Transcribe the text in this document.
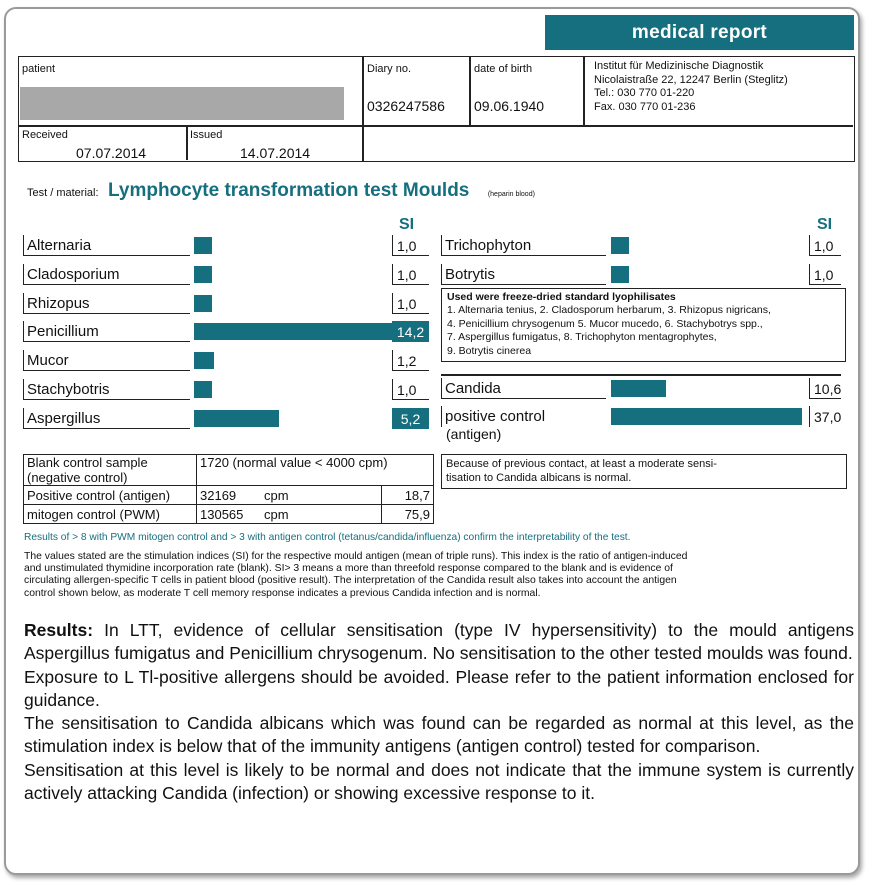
medical report
patient	Diary no.
0326247586
date of birth
09.06.1940
Institut für Medizinische Diagnostik
Nicolaistraße 22, 12247 Berlin (Steglitz)
Tel.: 030 770 01-220
Fax. 030 770 01-236
Received
07.07.2014
Issued
14.07.2014
Test / material: Lymphocyte transformation test Moulds	(heparin blood)
SI	SI
Alternaria	1,0
Cladosporium	1,0
Rhizopus	1,0
Penicillium	14,2
Mucor	1,2
Stachybotris	1,0
Aspergillus	5,2
Trichophyton	1,0
Botrytis	1,0
Used were freeze-dried standard lyophilisates
1. Alternaria tenius, 2. Cladosporum herbarum, 3. Rhizopus nigricans,
4. Penicillium chrysogenum 5. Mucor mucedo, 6. Stachybotrys spp.,
7. Aspergillus fumigatus, 8. Trichophyton mentagrophytes,
9. Botrytis cinerea
Candida	10,6
positive control
(antigen)
37,0
Blank control sample
(negative control)	1720 (normal value < 4000 cpm)		
Positive control (antigen)	32169	cpm	18,7
mitogen control (PWM)	130565	cpm	75,9
Because of previous contact, at least a moderate sensi-
tisation to Candida albicans is normal.
Results of > 8 with PWM mitogen control and > 3 with antigen control (tetanus/candida/influenza) confirm the interpretability of the test.
The values stated are the stimulation indices (SI) for the respective mould antigen (mean of triple runs). This index is the ratio of antigen-induced
and unstimulated thymidine incorporation rate (blank). SI> 3 means a more than threefold response compared to the blank and is evidence of
circulating allergen-specific T cells in patient blood (positive result). The interpretation of the Candida result also takes into account the antigen
control shown below, as moderate T cell memory response indicates a previous Candida infection and is normal.
Results: In LTT, evidence of cellular sensitisation (type IV hypersensitivity) to the mould antigens Aspergillus fumigatus and Penicillium chrysogenum. No sensitisation to the other tested moulds was found.
Exposure to L Tl-positive allergens should be avoided. Please refer to the patient information enclosed for guidance.
The sensitisation to Candida albicans which was found can be regarded as normal at this level, as the stimulation index is below that of the immunity antigens (antigen control) tested for comparison.
Sensitisation at this level is likely to be normal and does not indicate that the immune system is currently actively attacking Candida (infection) or showing excessive response to it.
